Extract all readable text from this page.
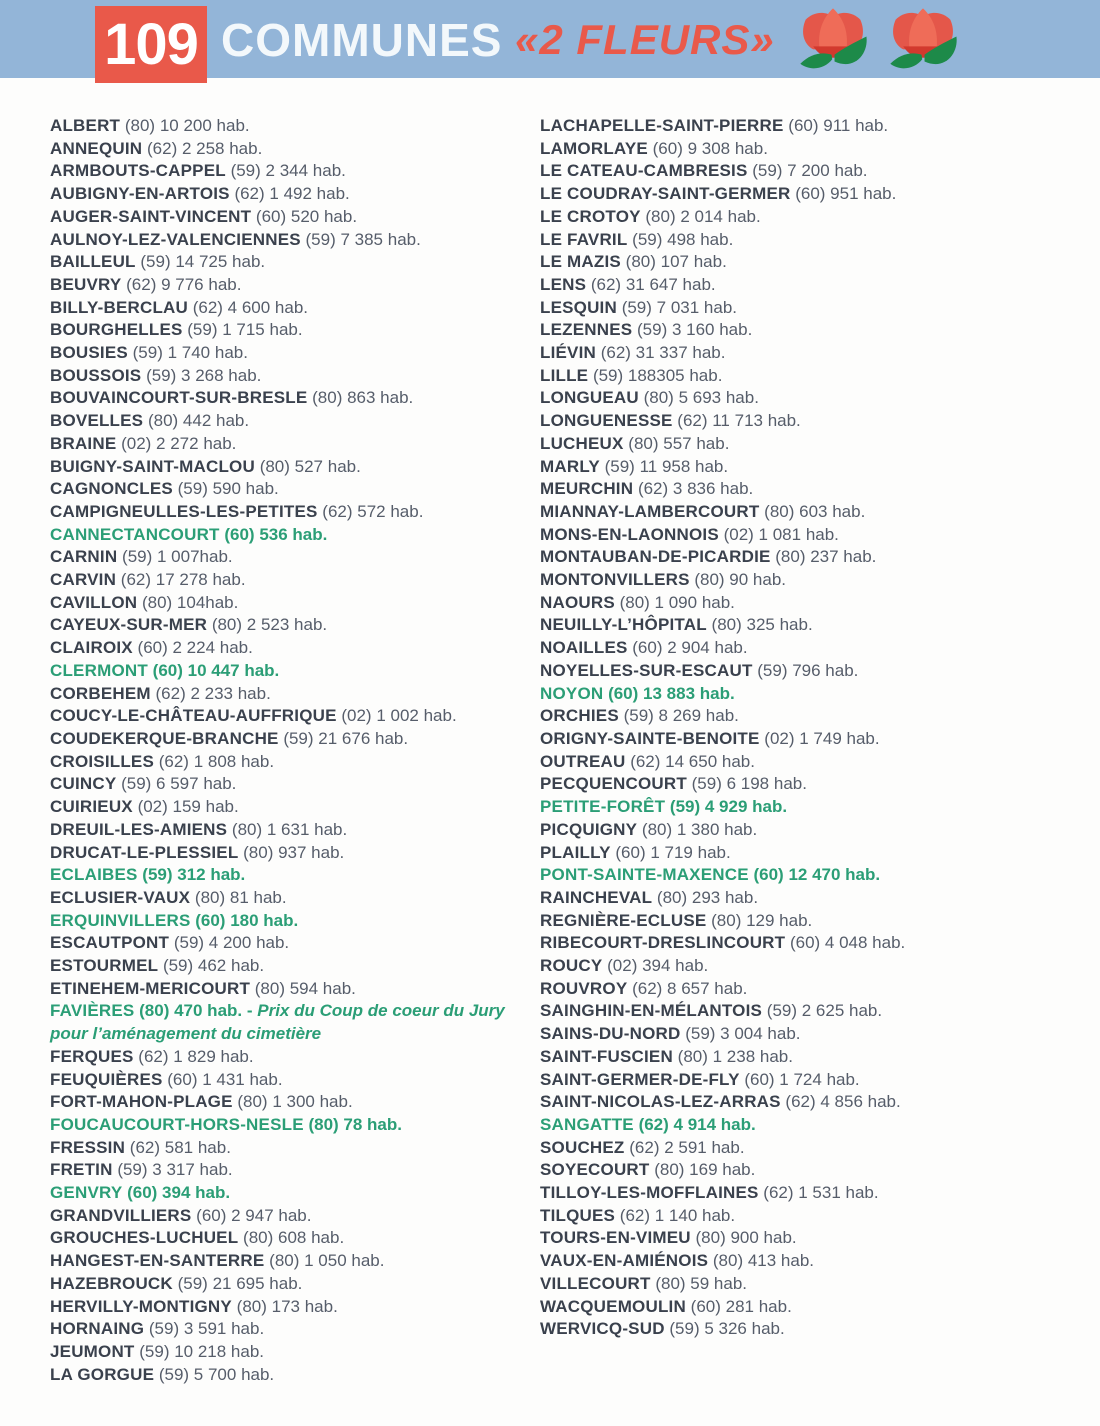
109 COMMUNES «2 FLEURS»
ALBERT (80) 10 200 hab.
ANNEQUIN (62) 2 258 hab.
ARMBOUTS-CAPPEL (59) 2 344 hab.
AUBIGNY-EN-ARTOIS (62) 1 492 hab.
AUGER-SAINT-VINCENT (60) 520 hab.
AULNOY-LEZ-VALENCIENNES (59) 7 385 hab.
BAILLEUL (59) 14 725 hab.
BEUVRY (62) 9 776 hab.
BILLY-BERCLAU (62) 4 600 hab.
BOURGHELLES (59) 1 715 hab.
BOUSIES (59) 1 740 hab.
BOUSSOIS (59) 3 268 hab.
BOUVAINCOURT-SUR-BRESLE (80) 863 hab.
BOVELLES (80) 442 hab.
BRAINE (02) 2 272 hab.
BUIGNY-SAINT-MACLOU (80) 527 hab.
CAGNONCLES (59) 590 hab.
CAMPIGNEULLES-LES-PETITES (62) 572 hab.
CANNECTANCOURT (60) 536 hab.
CARNIN (59) 1 007hab.
CARVIN (62) 17 278 hab.
CAVILLON (80) 104hab.
CAYEUX-SUR-MER (80) 2 523 hab.
CLAIROIX (60) 2 224 hab.
CLERMONT (60) 10 447 hab.
CORBEHEM (62) 2 233 hab.
COUCY-LE-CHÂTEAU-AUFFRIQUE (02) 1 002 hab.
COUDEKERQUE-BRANCHE (59) 21 676 hab.
CROISILLES (62) 1 808 hab.
CUINCY (59) 6 597 hab.
CUIRIEUX (02) 159 hab.
DREUIL-LES-AMIENS (80) 1 631 hab.
DRUCAT-LE-PLESSIEL (80) 937 hab.
ECLAIBES (59) 312 hab.
ECLUSIER-VAUX (80) 81 hab.
ERQUINVILLERS (60) 180 hab.
ESCAUTPONT (59) 4 200 hab.
ESTOURMEL (59) 462 hab.
ETINEHEM-MERICOURT (80) 594 hab.
FAVIÈRES (80) 470 hab. - Prix du Coup de coeur du Jury pour l’aménagement du cimetière
FERQUES (62) 1 829 hab.
FEUQUIÈRES (60) 1 431 hab.
FORT-MAHON-PLAGE (80) 1 300 hab.
FOUCAUCOURT-HORS-NESLE (80) 78 hab.
FRESSIN (62) 581 hab.
FRETIN (59) 3 317 hab.
GENVRY (60) 394 hab.
GRANDVILLIERS (60) 2 947 hab.
GROUCHES-LUCHUEL (80) 608 hab.
HANGEST-EN-SANTERRE (80) 1 050 hab.
HAZEBROUCK (59) 21 695 hab.
HERVILLY-MONTIGNY (80) 173 hab.
HORNAING (59) 3 591 hab.
JEUMONT (59) 10 218 hab.
LA GORGUE (59) 5 700 hab.
LACHAPELLE-SAINT-PIERRE (60) 911 hab.
LAMORLAYE (60) 9 308 hab.
LE CATEAU-CAMBRESIS (59) 7 200 hab.
LE COUDRAY-SAINT-GERMER (60) 951 hab.
LE CROTOY (80) 2 014 hab.
LE FAVRIL (59) 498 hab.
LE MAZIS (80) 107 hab.
LENS (62) 31 647 hab.
LESQUIN (59) 7 031 hab.
LEZENNES (59) 3 160 hab.
LIÉVIN (62) 31 337 hab.
LILLE (59) 188305 hab.
LONGUEAU (80) 5 693 hab.
LONGUENESSE (62) 11 713 hab.
LUCHEUX (80) 557 hab.
MARLY (59) 11 958 hab.
MEURCHIN (62) 3 836 hab.
MIANNAY-LAMBERCOURT (80) 603 hab.
MONS-EN-LAONNOIS (02) 1 081 hab.
MONTAUBAN-DE-PICARDIE (80) 237 hab.
MONTONVILLERS (80) 90 hab.
NAOURS (80) 1 090 hab.
NEUILLY-L’HÔPITAL (80) 325 hab.
NOAILLES (60) 2 904 hab.
NOYELLES-SUR-ESCAUT (59) 796 hab.
NOYON (60) 13 883 hab.
ORCHIES (59) 8 269 hab.
ORIGNY-SAINTE-BENOITE (02) 1 749 hab.
OUTREAU (62) 14 650 hab.
PECQUENCOURT (59) 6 198 hab.
PETITE-FORÊT (59) 4 929 hab.
PICQUIGNY (80) 1 380 hab.
PLAILLY (60) 1 719 hab.
PONT-SAINTE-MAXENCE (60) 12 470 hab.
RAINCHEVAL (80) 293 hab.
REGNIÈRE-ECLUSE (80) 129 hab.
RIBECOURT-DRESLINCOURT (60) 4 048 hab.
ROUCY (02) 394 hab.
ROUVROY (62) 8 657 hab.
SAINGHIN-EN-MÉLANTOIS (59) 2 625 hab.
SAINS-DU-NORD (59) 3 004 hab.
SAINT-FUSCIEN (80) 1 238 hab.
SAINT-GERMER-DE-FLY (60) 1 724 hab.
SAINT-NICOLAS-LEZ-ARRAS (62) 4 856 hab.
SANGATTE (62) 4 914 hab.
SOUCHEZ (62) 2 591 hab.
SOYECOURT (80) 169 hab.
TILLOY-LES-MOFFLAINES (62) 1 531 hab.
TILQUES (62) 1 140 hab.
TOURS-EN-VIMEU (80) 900 hab.
VAUX-EN-AMIÉNOIS (80) 413 hab.
VILLECOURT (80) 59 hab.
WACQUEMOULIN (60) 281 hab.
WERVICQ-SUD (59) 5 326 hab.
